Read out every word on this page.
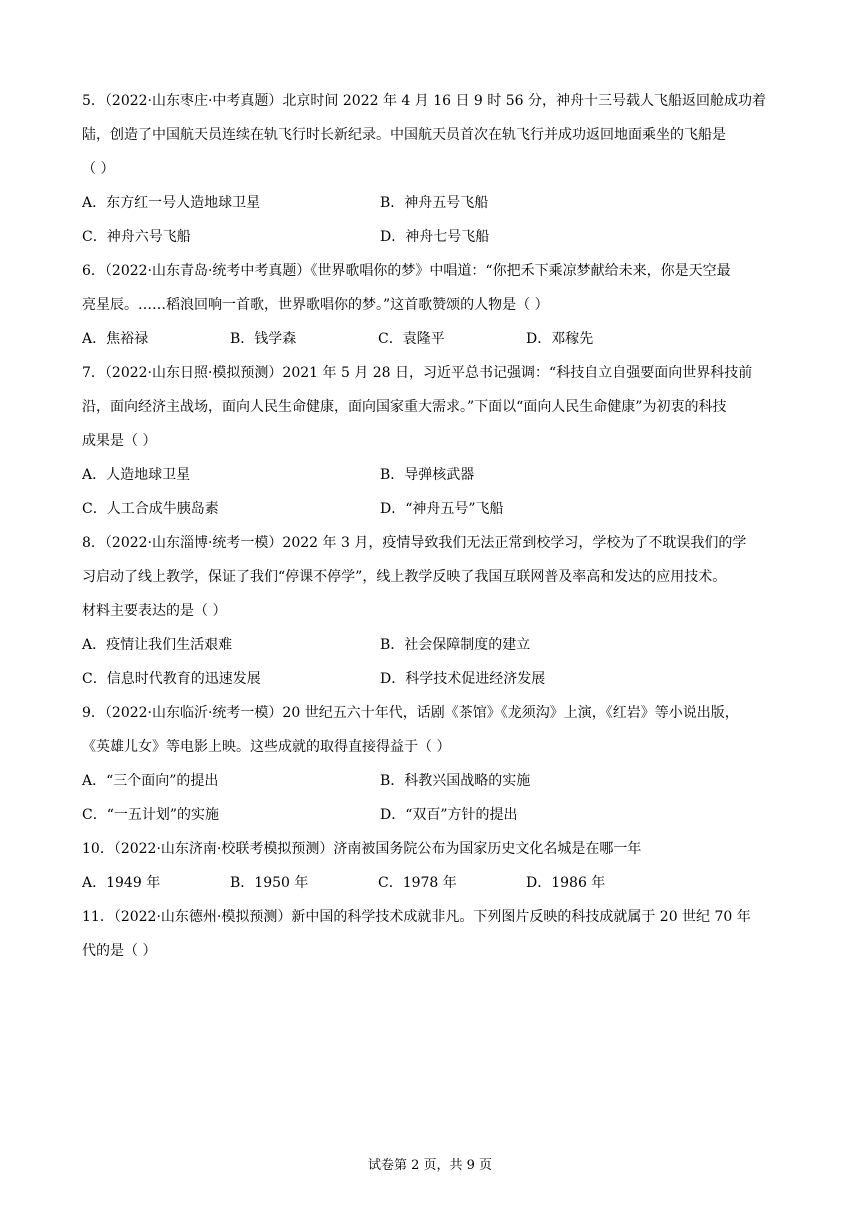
5．（2022·山东枣庄·中考真题）北京时间 2022 年 4 月 16 日 9 时 56 分，神舟十三号载人飞船返回舱成功着
陆，创造了中国航天员连续在轨飞行时长新纪录。中国航天员首次在轨飞行并成功返回地面乘坐的飞船是
（ ）
A．东方红一号人造地球卫星	B．神舟五号飞船
C．神舟六号飞船	D．神舟七号飞船
6．（2022·山东青岛·统考中考真题）《世界歌唱你的梦》中唱道：“你把禾下乘凉梦献给未来，你是天空最
亮星辰。……稻浪回响一首歌，世界歌唱你的梦。”这首歌赞颂的人物是（ ）
A．焦裕禄	B．钱学森	C．袁隆平	D．邓稼先
7．（2022·山东日照·模拟预测）2021 年 5 月 28 日，习近平总书记强调：“科技自立自强要面向世界科技前
沿，面向经济主战场，面向人民生命健康，面向国家重大需求。”下面以“面向人民生命健康”为初衷的科技
成果是（ ）
A．人造地球卫星	B．导弹核武器
C．人工合成牛胰岛素	D．“神舟五号”飞船
8．（2022·山东淄博·统考一模）2022 年 3 月，疫情导致我们无法正常到校学习，学校为了不耽误我们的学
习启动了线上教学，保证了我们“停课不停学”，线上教学反映了我国互联网普及率高和发达的应用技术。
材料主要表达的是（ ）
A．疫情让我们生活艰难	B．社会保障制度的建立
C．信息时代教育的迅速发展	D．科学技术促进经济发展
9．（2022·山东临沂·统考一模）20 世纪五六十年代，话剧《茶馆》《龙须沟》上演，《红岩》等小说出版，
《英雄儿女》等电影上映。这些成就的取得直接得益于（ ）
A．“三个面向”的提出	B．科教兴国战略的实施
C．“一五计划”的实施	D．“双百”方针的提出
10．（2022·山东济南·校联考模拟预测）济南被国务院公布为国家历史文化名城是在哪一年
A．1949 年	B．1950 年	C．1978 年	D．1986 年
11．（2022·山东德州·模拟预测）新中国的科学技术成就非凡。下列图片反映的科技成就属于 20 世纪 70 年
代的是（ ）
试卷第 2 页，共 9 页
